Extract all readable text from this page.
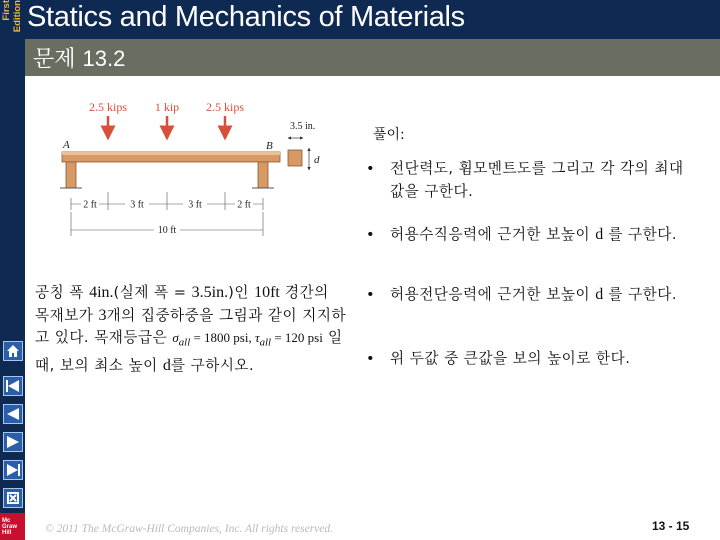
First Edition Statics and Mechanics of Materials
문제 13.2
Mc
Graw
Hill
2.5 kips 1 kip 2.5 kips
A	B
3.5 in.
d
2 ft	3 ft	3 ft	2 ft
10 ft
공칭 폭 4in.(실제 폭 = 3.5in.)인 10ft 경간의 목재보가 3개의 집중하중을 그림과 같이 지지하고 있다. 목재등급은 $\sigma_{all} = 1800$ psi, $\tau_{all} = 120$ psi 일 때, 보의 최소 높이 d를 구하시오.
풀이:
• 전단력도, 휨모멘트도를 그리고 각 각의 최대값을 구한다.
• 허용수직응력에 근거한 보높이 d 를 구한다.
• 허용전단응력에 근거한 보높이 d 를 구한다.
• 위 두값 중 큰값을 보의 높이로 한다.
© 2011 The McGraw-Hill Companies, Inc. All rights reserved.	13 - 15
